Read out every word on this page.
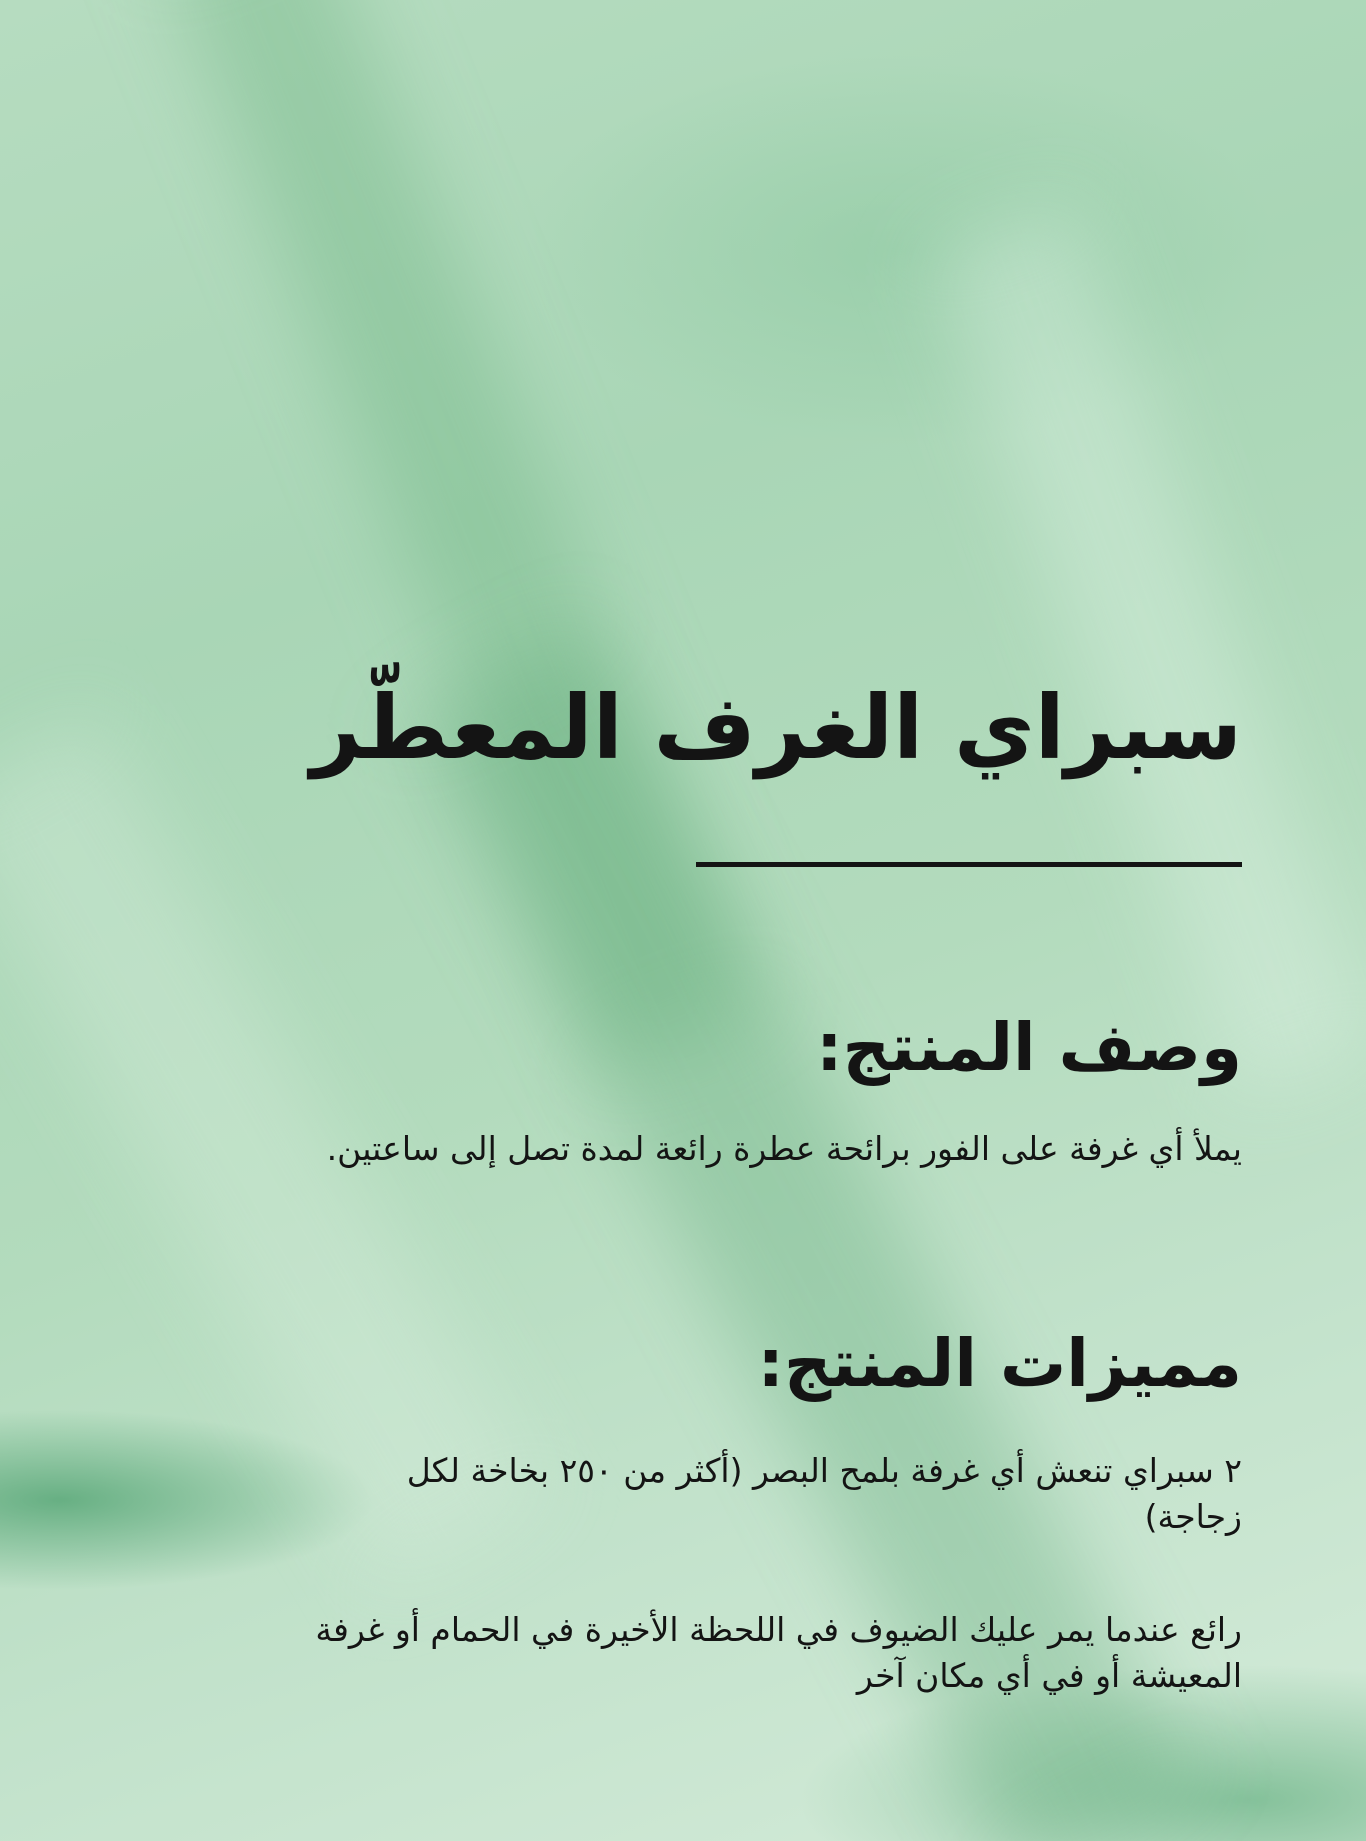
سبراي الغرف المعطّر
وصف المنتج:

يملأ أي غرفة على الفور برائحة عطرة رائعة لمدة تصل إلى ساعتين.

مميزات المنتج:

٢ سبراي تنعش أي غرفة بلمح البصر (أكثر من ٢٥٠ بخاخة لكل زجاجة)

رائع عندما يمر عليك الضيوف في اللحظة الأخيرة في الحمام أو غرفة المعيشة أو في أي مكان آخر
